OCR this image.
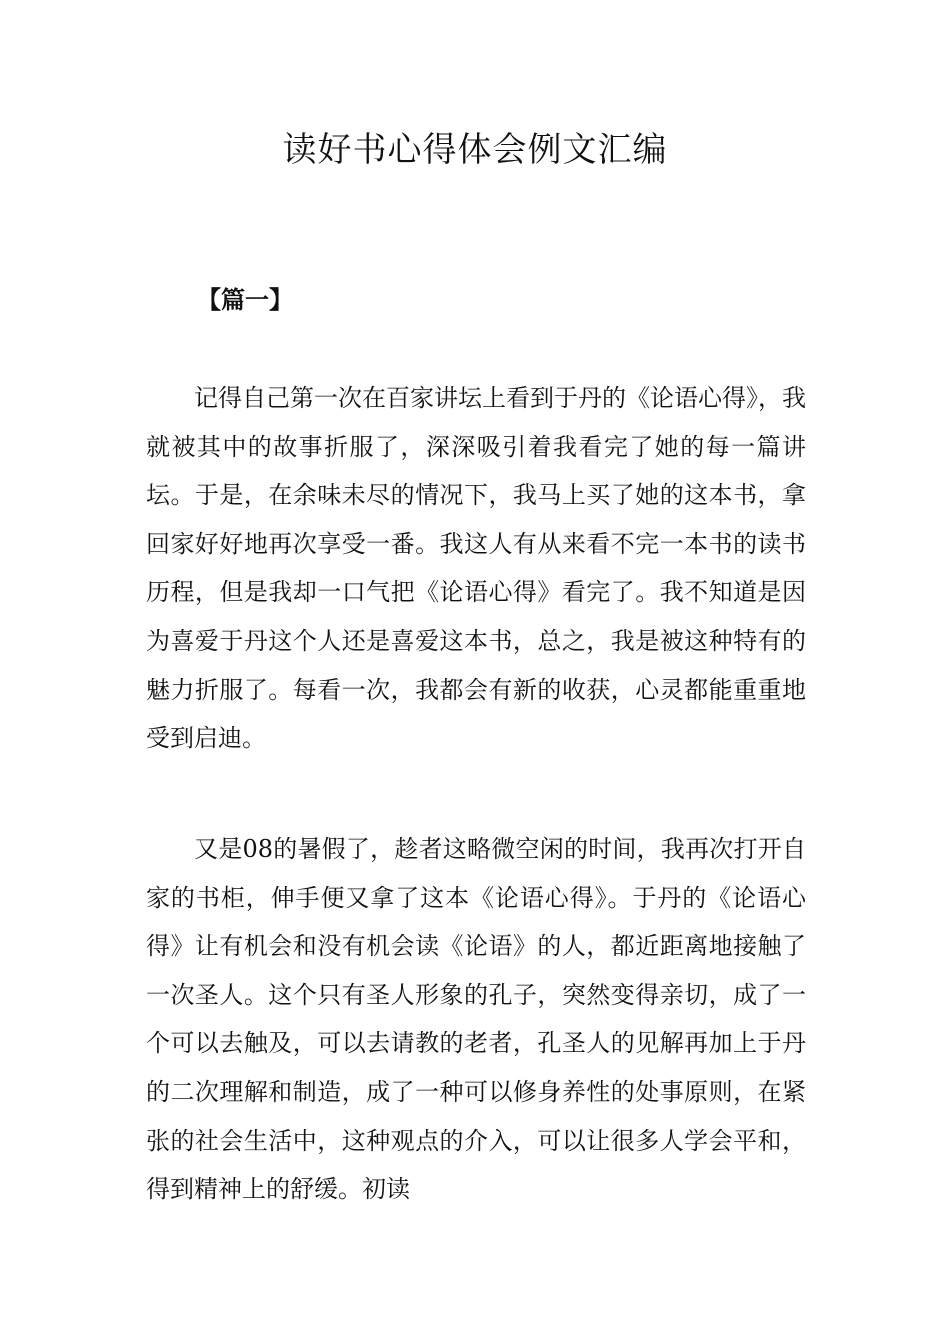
读好书心得体会例文汇编

【篇一】

记得自己第一次在百家讲坛上看到于丹的《论语心得》，我就被其中的故事折服了，深深吸引着我看完了她的每一篇讲坛。于是，在余味未尽的情况下，我马上买了她的这本书，拿回家好好地再次享受一番。我这人有从来看不完一本书的读书历程，但是我却一口气把《论语心得》看完了。我不知道是因为喜爱于丹这个人还是喜爱这本书，总之，我是被这种特有的魅力折服了。每看一次，我都会有新的收获，心灵都能重重地受到启迪。

又是08的暑假了，趁者这略微空闲的时间，我再次打开自家的书柜，伸手便又拿了这本《论语心得》。于丹的《论语心得》让有机会和没有机会读《论语》的人，都近距离地接触了一次圣人。这个只有圣人形象的孔子，突然变得亲切，成了一个可以去触及，可以去请教的老者，孔圣人的见解再加上于丹的二次理解和制造，成了一种可以修身养性的处事原则，在紧张的社会生活中，这种观点的介入，可以让很多人学会平和，得到精神上的舒缓。初读
